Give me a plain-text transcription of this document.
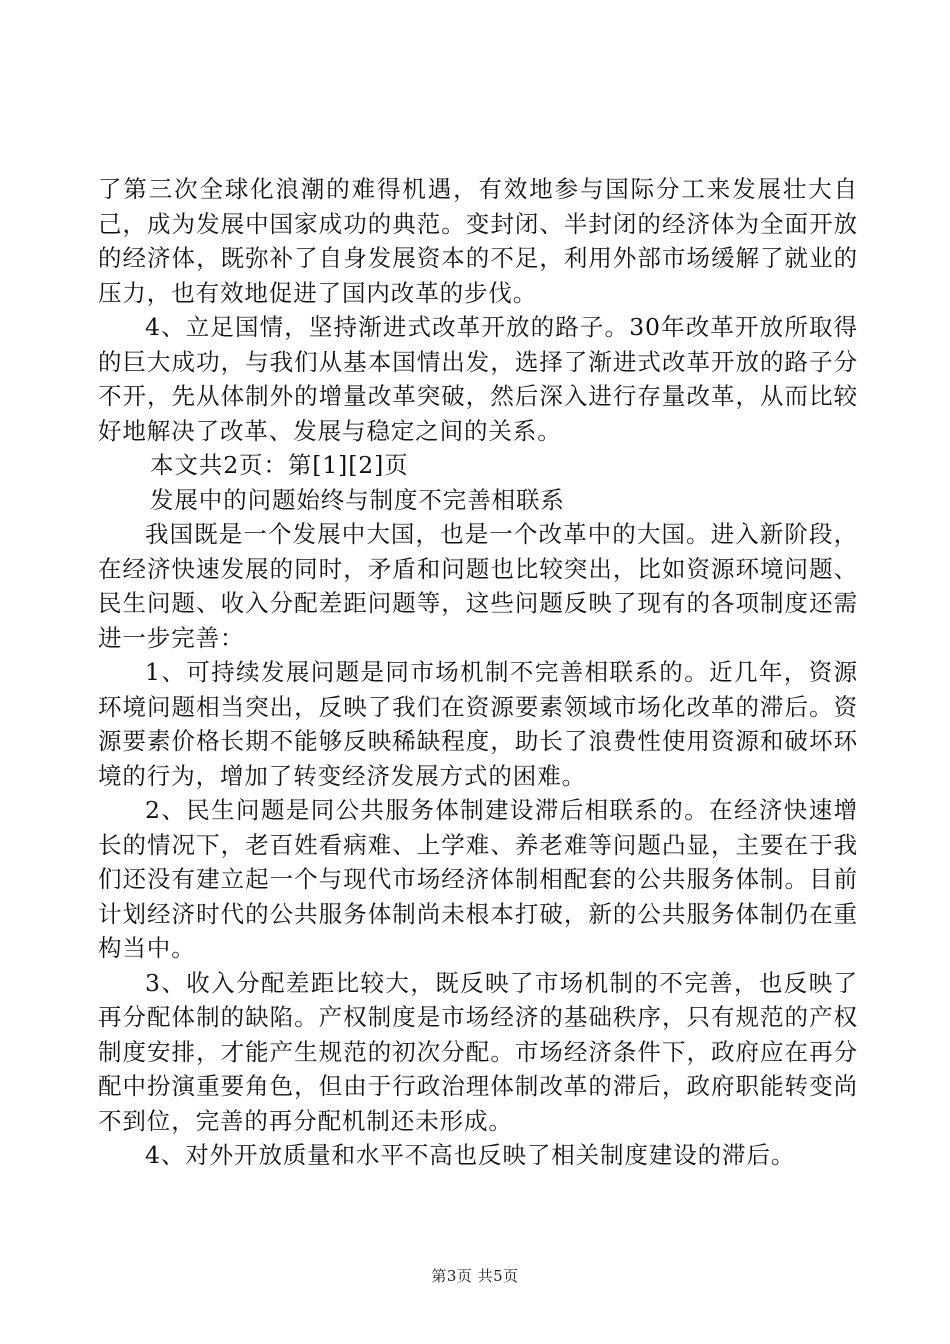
了第三次全球化浪潮的难得机遇，有效地参与国际分工来发展壮大自己，成为发展中国家成功的典范。变封闭、半封闭的经济体为全面开放的经济体，既弥补了自身发展资本的不足，利用外部市场缓解了就业的压力，也有效地促进了国内改革的步伐。

4、立足国情，坚持渐进式改革开放的路子。30年改革开放所取得的巨大成功，与我们从基本国情出发，选择了渐进式改革开放的路子分不开，先从体制外的增量改革突破，然后深入进行存量改革，从而比较好地解决了改革、发展与稳定之间的关系。

本文共2页：第[1][2]页

发展中的问题始终与制度不完善相联系

我国既是一个发展中大国，也是一个改革中的大国。进入新阶段，在经济快速发展的同时，矛盾和问题也比较突出，比如资源环境问题、民生问题、收入分配差距问题等，这些问题反映了现有的各项制度还需进一步完善：

1、可持续发展问题是同市场机制不完善相联系的。近几年，资源环境问题相当突出，反映了我们在资源要素领域市场化改革的滞后。资源要素价格长期不能够反映稀缺程度，助长了浪费性使用资源和破坏环境的行为，增加了转变经济发展方式的困难。

2、民生问题是同公共服务体制建设滞后相联系的。在经济快速增长的情况下，老百姓看病难、上学难、养老难等问题凸显，主要在于我们还没有建立起一个与现代市场经济体制相配套的公共服务体制。目前计划经济时代的公共服务体制尚未根本打破，新的公共服务体制仍在重构当中。

3、收入分配差距比较大，既反映了市场机制的不完善，也反映了再分配体制的缺陷。产权制度是市场经济的基础秩序，只有规范的产权制度安排，才能产生规范的初次分配。市场经济条件下，政府应在再分配中扮演重要角色，但由于行政治理体制改革的滞后，政府职能转变尚不到位，完善的再分配机制还未形成。

4、对外开放质量和水平不高也反映了相关制度建设的滞后。

第3页 共5页
